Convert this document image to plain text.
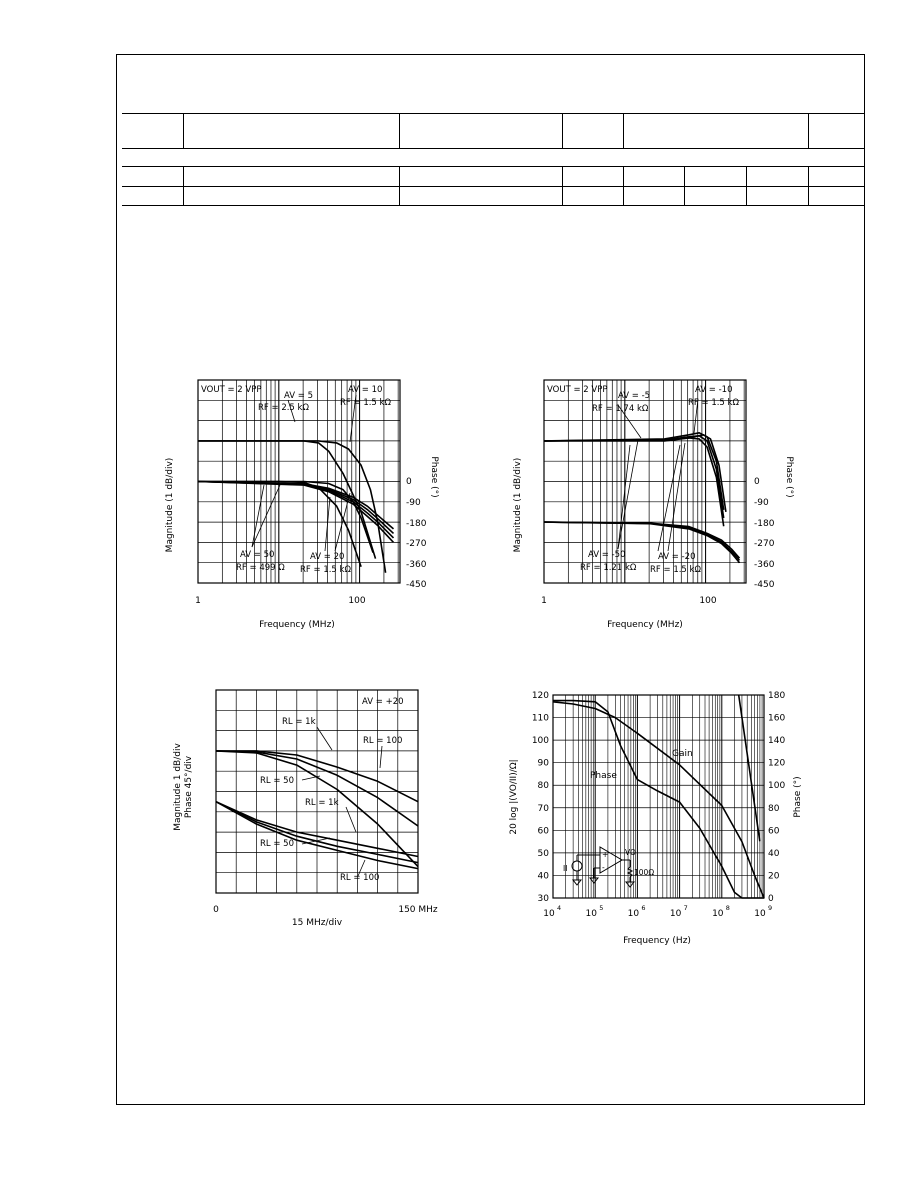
Magnitude (1 dB/div)	Phase (°)
Frequency (MHz)
1	100
0
-90
-180
-270
-360
-450
VOUT = 2 VPP
AV = 5
RF = 2.5 kΩ
AV = 10
RF = 1.5 kΩ
AV = 50
RF = 499 Ω
AV = 20
RF = 1.5 kΩ
Magnitude (1 dB/div)	Phase (°)
Frequency (MHz)
1	100
0
-90
-180
-270
-360
-450
VOUT = 2 VPP
AV = -5
RF = 1.74 kΩ
AV = -10
RF = 1.5 kΩ
AV = -50
RF = 1.21 kΩ
AV = -20
RF = 1.5 kΩ
Magnitude 1 dB/div Phase 45°/div
15 MHz/div
0	150 MHz
AV = +20
RL = 1k
RL = 100
RL = 50
RL = 1k
RL = 50
RL = 100
120
110
100
90
80
70
60
50
40
30
180
160
140
120
100
80
60
40
20
0
10
4
10
5
10
6
10
7
10
8
10
9
20 log |(VO/II)/Ω|	Phase (°)
Frequency (Hz)
Gain
Phase
II
+
-
VO
100Ω
